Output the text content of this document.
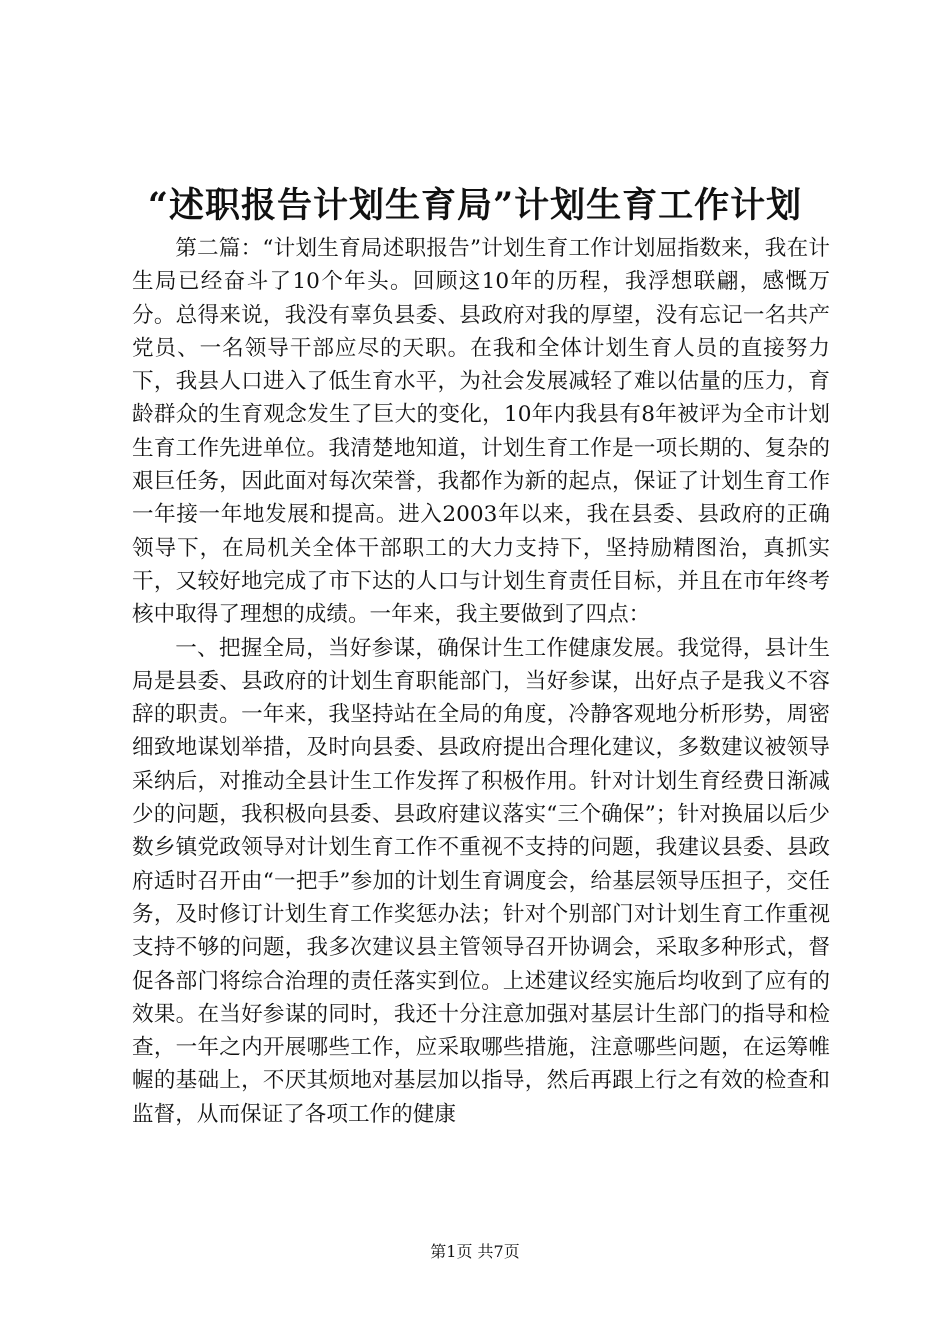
“述职报告计划生育局”计划生育工作计划

第二篇：“计划生育局述职报告”计划生育工作计划屈指数来，我在计生局已经奋斗了10个年头。回顾这10年的历程，我浮想联翩，感慨万分。总得来说，我没有辜负县委、县政府对我的厚望，没有忘记一名共产党员、一名领导干部应尽的天职。在我和全体计划生育人员的直接努力下，我县人口进入了低生育水平，为社会发展减轻了难以估量的压力，育龄群众的生育观念发生了巨大的变化，10年内我县有8年被评为全市计划生育工作先进单位。我清楚地知道，计划生育工作是一项长期的、复杂的艰巨任务，因此面对每次荣誉，我都作为新的起点，保证了计划生育工作一年接一年地发展和提高。进入2003年以来，我在县委、县政府的正确领导下，在局机关全体干部职工的大力支持下，坚持励精图治，真抓实干，又较好地完成了市下达的人口与计划生育责任目标，并且在市年终考核中取得了理想的成绩。一年来，我主要做到了四点：

一、把握全局，当好参谋，确保计生工作健康发展。我觉得，县计生局是县委、县政府的计划生育职能部门，当好参谋，出好点子是我义不容辞的职责。一年来，我坚持站在全局的角度，冷静客观地分析形势，周密细致地谋划举措，及时向县委、县政府提出合理化建议，多数建议被领导采纳后，对推动全县计生工作发挥了积极作用。针对计划生育经费日渐减少的问题，我积极向县委、县政府建议落实“三个确保”；针对换届以后少数乡镇党政领导对计划生育工作不重视不支持的问题，我建议县委、县政府适时召开由“一把手”参加的计划生育调度会，给基层领导压担子，交任务，及时修订计划生育工作奖惩办法；针对个别部门对计划生育工作重视支持不够的问题，我多次建议县主管领导召开协调会，采取多种形式，督促各部门将综合治理的责任落实到位。上述建议经实施后均收到了应有的效果。在当好参谋的同时，我还十分注意加强对基层计生部门的指导和检查，一年之内开展哪些工作，应采取哪些措施，注意哪些问题，在运筹帷幄的基础上，不厌其烦地对基层加以指导，然后再跟上行之有效的检查和监督，从而保证了各项工作的健康

第1页 共7页
